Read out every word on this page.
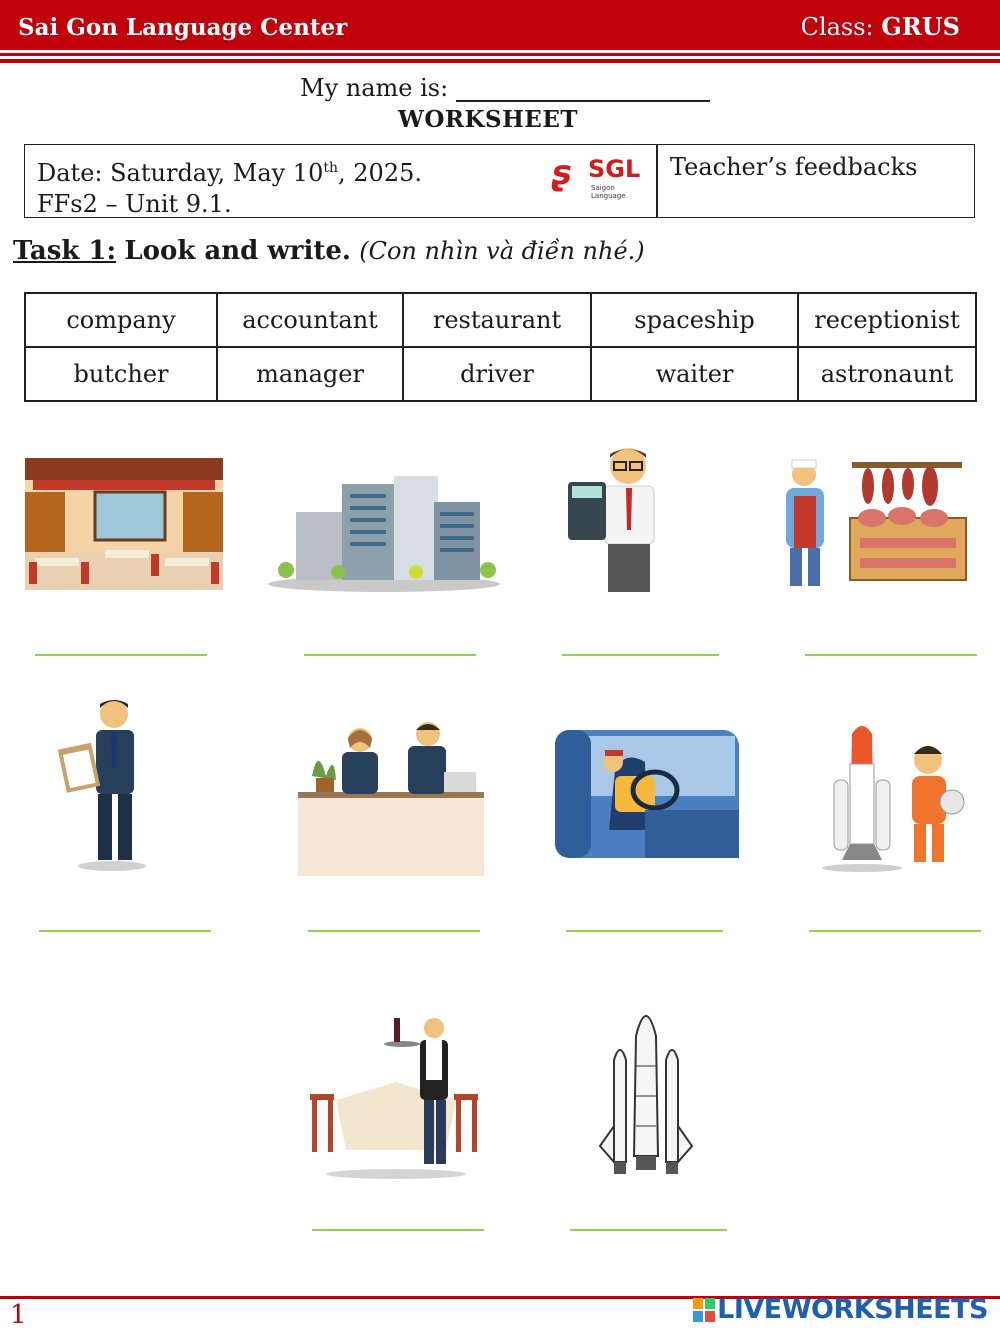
Sai Gon Language Center	Class: GRUS
My name is:
WORKSHEET
Date: Saturday, May 10th, 2025.
FFs2 – Unit 9.1.
ʂ SGL
Saigon Language
Teacher’s feedbacks
Task 1: Look and write. (Con nhìn và điền nhé.)
company	accountant	restaurant	spaceship	receptionist
butcher	manager	driver	waiter	astronaunt
1	LIVEWORKSHEETS
